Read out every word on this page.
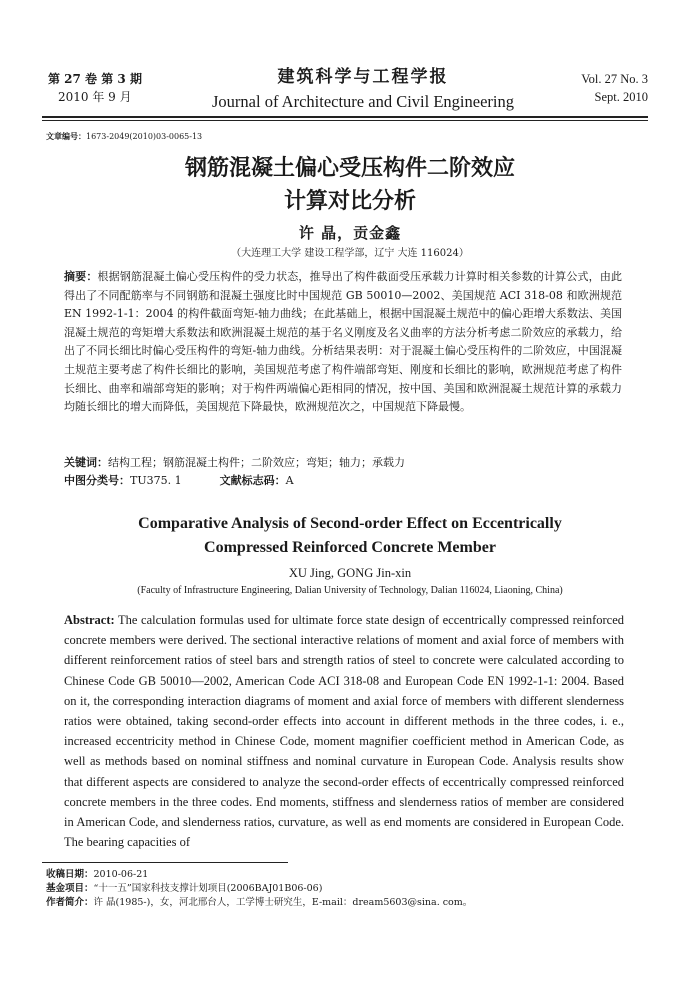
第 27 卷 第 3 期
2010 年 9 月
建筑科学与工程学报
Journal of Architecture and Civil Engineering
Vol. 27 No. 3
Sept. 2010
文章编号：1673-2049(2010)03-0065-13
钢筋混凝土偏心受压构件二阶效应
计算对比分析
许 晶，贡金鑫
（大连理工大学 建设工程学部，辽宁 大连 116024）
摘要：根据钢筋混凝土偏心受压构件的受力状态，推导出了构件截面受压承载力计算时相关参数的计算公式，由此得出了不同配筋率与不同钢筋和混凝土强度比时中国规范 GB 50010—2002、美国规范 ACI 318-08 和欧洲规范 EN 1992-1-1：2004 的构件截面弯矩-轴力曲线；在此基础上，根据中国混凝土规范中的偏心距增大系数法、美国混凝土规范的弯矩增大系数法和欧洲混凝土规范的基于名义刚度及名义曲率的方法分析考虑二阶效应的承载力，给出了不同长细比时偏心受压构件的弯矩-轴力曲线。分析结果表明：对于混凝土偏心受压构件的二阶效应，中国混凝土规范主要考虑了构件长细比的影响，美国规范考虑了构件端部弯矩、刚度和长细比的影响，欧洲规范考虑了构件长细比、曲率和端部弯矩的影响；对于构件两端偏心距相同的情况，按中国、美国和欧洲混凝土规范计算的承载力均随长细比的增大而降低，美国规范下降最快，欧洲规范次之，中国规范下降最慢。
关键词：结构工程；钢筋混凝土构件；二阶效应；弯矩；轴力；承载力
中图分类号：TU375. 1	文献标志码：A
Comparative Analysis of Second-order Effect on Eccentrically
Compressed Reinforced Concrete Member
XU Jing, GONG Jin-xin
(Faculty of Infrastructure Engineering, Dalian University of Technology, Dalian 116024, Liaoning, China)
Abstract: The calculation formulas used for ultimate force state design of eccentrically compressed reinforced concrete members were derived. The sectional interactive relations of moment and axial force of members with different reinforcement ratios of steel bars and strength ratios of steel to concrete were calculated according to Chinese Code GB 50010—2002, American Code ACI 318-08 and European Code EN 1992-1-1: 2004. Based on it, the corresponding interaction diagrams of moment and axial force of members with different slenderness ratios were obtained, taking second-order effects into account in different methods in the three codes, i. e., increased eccentricity method in Chinese Code, moment magnifier coefficient method in American Code, as well as methods based on nominal stiffness and nominal curvature in European Code. Analysis results show that different aspects are considered to analyze the second-order effects of eccentrically compressed reinforced concrete members in the three codes. End moments, stiffness and slenderness ratios of member are considered in American Code, and slenderness ratios, curvature, as well as end moments are considered in European Code. The bearing capacities of
收稿日期：2010-06-21
基金项目：“十一五”国家科技支撑计划项目(2006BAJ01B06-06)
作者简介：许 晶(1985-)，女，河北邢台人，工学博士研究生，E-mail：dream5603@sina. com。
